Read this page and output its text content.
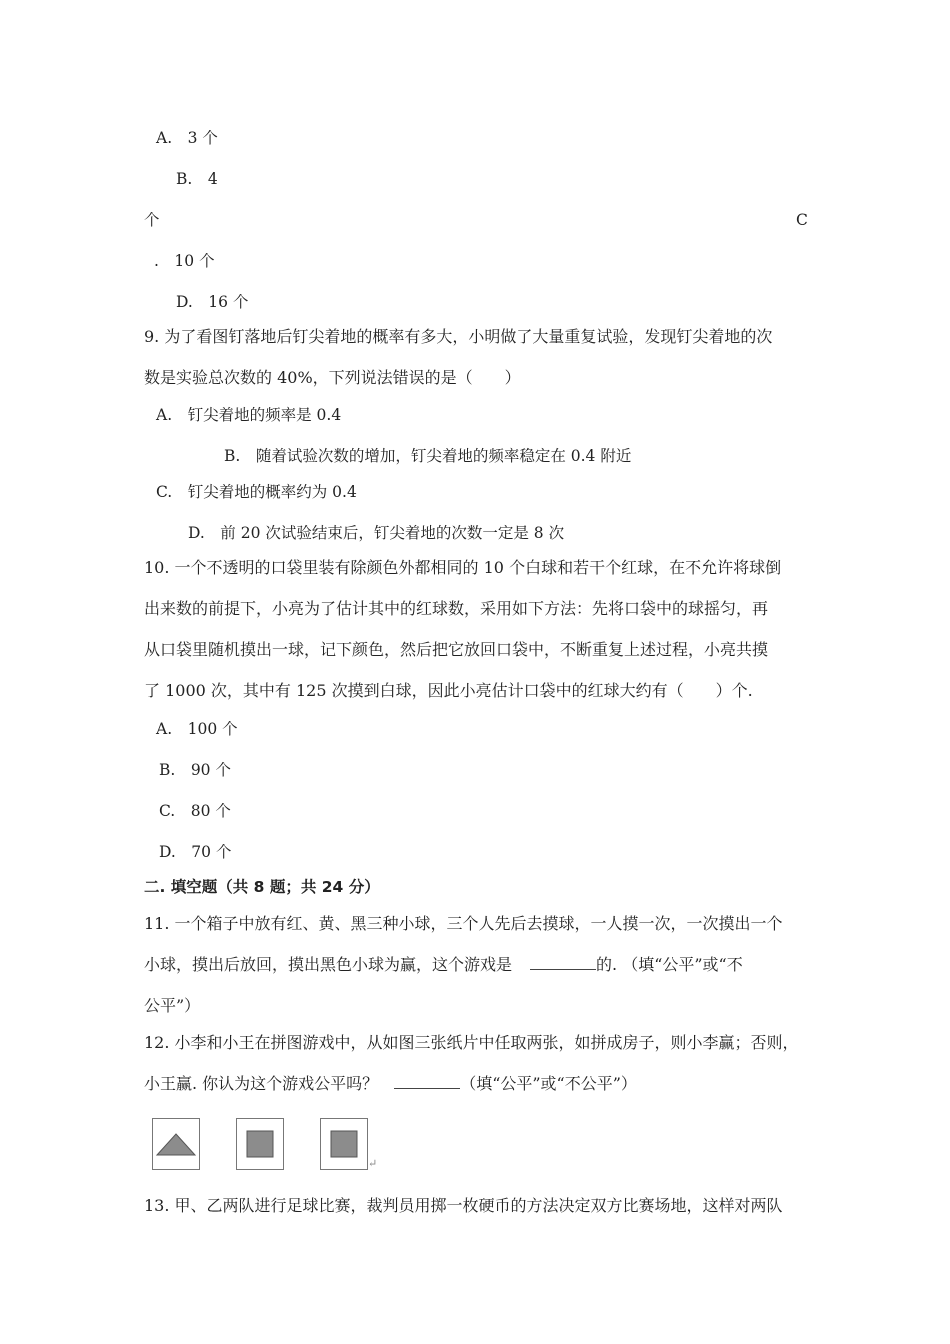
A.　3 个
B.　4
个	C
.　10 个
D.　16 个
9. 为了看图钉落地后钉尖着地的概率有多大，小明做了大量重复试验，发现钉尖着地的次
数是实验总次数的 40%，下列说法错误的是（　　）
A.　钉尖着地的频率是 0.4
B.　随着试验次数的增加，钉尖着地的频率稳定在 0.4 附近
C.　钉尖着地的概率约为 0.4
D.　前 20 次试验结束后，钉尖着地的次数一定是 8 次
10. 一个不透明的口袋里装有除颜色外都相同的 10 个白球和若干个红球，在不允许将球倒
出来数的前提下，小亮为了估计其中的红球数，采用如下方法：先将口袋中的球摇匀，再
从口袋里随机摸出一球，记下颜色，然后把它放回口袋中，不断重复上述过程，小亮共摸
了 1000 次，其中有 125 次摸到白球，因此小亮估计口袋中的红球大约有（　　）个.
A.　100 个
B.　90 个
C.　80 个
D.　70 个
二. 填空题（共 8 题；共 24 分）
11. 一个箱子中放有红、黄、黑三种小球，三个人先后去摸球，一人摸一次，一次摸出一个
小球，摸出后放回，摸出黑色小球为赢，这个游戏是	的. （填“公平”或“不
公平”）
12. 小李和小王在拼图游戏中，从如图三张纸片中任取两张，如拼成房子，则小李赢；否则，
小王赢. 你认为这个游戏公平吗？	（填“公平”或“不公平”）
↵
13. 甲、乙两队进行足球比赛，裁判员用掷一枚硬币的方法决定双方比赛场地，这样对两队
